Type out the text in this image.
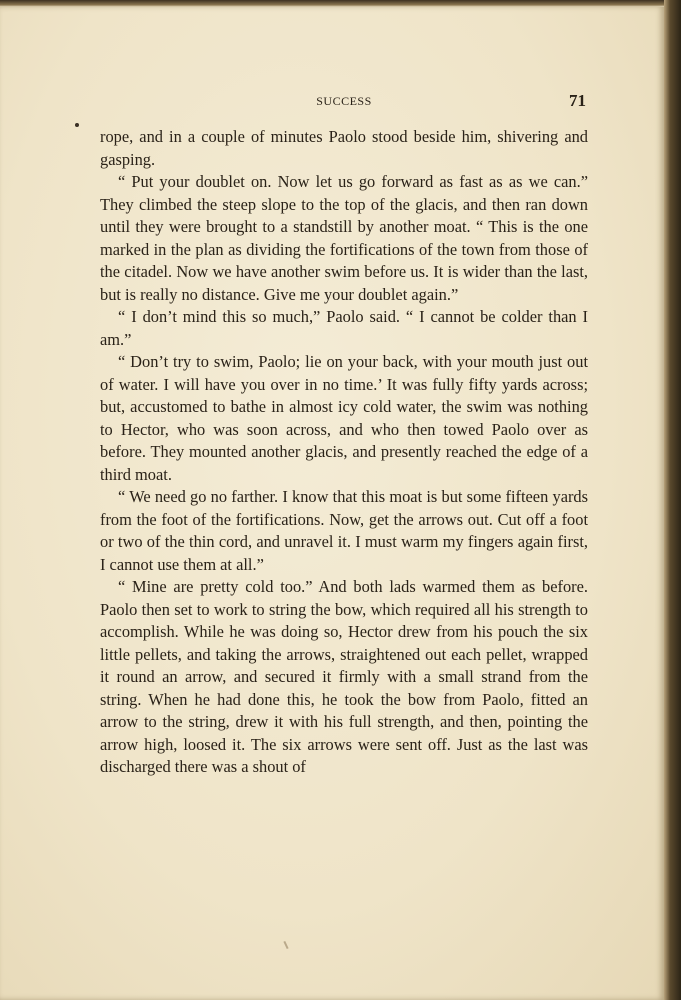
SUCCESS	71

rope, and in a couple of minutes Paolo stood beside him, shivering and gasping.

“ Put your doublet on. Now let us go forward as fast as as we can.” They climbed the steep slope to the top of the glacis, and then ran down until they were brought to a standstill by another moat. “ This is the one marked in the plan as dividing the fortifications of the town from those of the citadel. Now we have another swim before us. It is wider than the last, but is really no distance. Give me your doublet again.”

“ I don’t mind this so much,” Paolo said. “ I cannot be colder than I am.”

“ Don’t try to swim, Paolo; lie on your back, with your mouth just out of water. I will have you over in no time.’ It was fully fifty yards across; but, accustomed to bathe in almost icy cold water, the swim was nothing to Hector, who was soon across, and who then towed Paolo over as before. They mounted another glacis, and presently reached the edge of a third moat.

“ We need go no farther. I know that this moat is but some fifteen yards from the foot of the fortifications. Now, get the arrows out. Cut off a foot or two of the thin cord, and unravel it. I must warm my fingers again first, I cannot use them at all.”

“ Mine are pretty cold too.” And both lads warmed them as before. Paolo then set to work to string the bow, which required all his strength to accomplish. While he was doing so, Hector drew from his pouch the six little pellets, and taking the arrows, straightened out each pellet, wrapped it round an arrow, and secured it firmly with a small strand from the string. When he had done this, he took the bow from Paolo, fitted an arrow to the string, drew it with his full strength, and then, pointing the arrow high, loosed it. The six arrows were sent off. Just as the last was discharged there was a shout of
